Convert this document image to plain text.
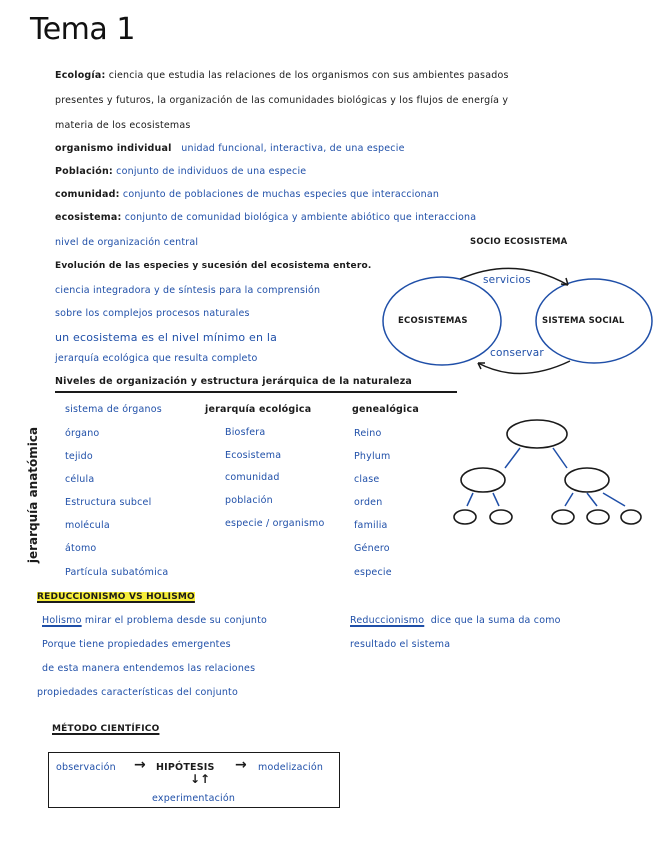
Tema 1
Ecología: ciencia que estudia las relaciones de los organismos con sus ambientes pasados
presentes y futuros, la organización de las comunidades biológicas y los flujos de energía y
materia de los ecosistemas
organismo individual unidad funcional, interactiva, de una especie
Población: conjunto de individuos de una especie
comunidad: conjunto de poblaciones de muchas especies que interaccionan
ecosistema: conjunto de comunidad biológica y ambiente abiótico que interacciona
nivel de organización central
Evolución de las especies y sucesión del ecosistema entero.
ciencia integradora y de síntesis para la comprensión
sobre los complejos procesos naturales
un ecosistema es el nivel mínimo en la
jerarquía ecológica que resulta completo
SOCIO ECOSISTEMA
ECOSISTEMAS	SISTEMA SOCIAL
servicios
conservar
Niveles de organización y estructura jerárquica de la naturaleza
jerarquía anatómica
sistema de órganos
órgano
tejido
célula
Estructura subcel
molécula
átomo
Partícula subatómica
jerarquía ecológica
Biosfera
Ecosistema
comunidad
población
especie / organismo
genealógica
Reino
Phylum
clase
orden
familia
Género
especie
REDUCCIONISMO VS HOLISMO
Holismo mirar el problema desde su conjunto
Porque tiene propiedades emergentes
de esta manera entendemos las relaciones
propiedades características del conjunto
Reduccionismo dice que la suma da como
resultado el sistema
MÉTODO CIENTÍFICO
observación → HIPÓTESIS → modelización
↓↑
experimentación
